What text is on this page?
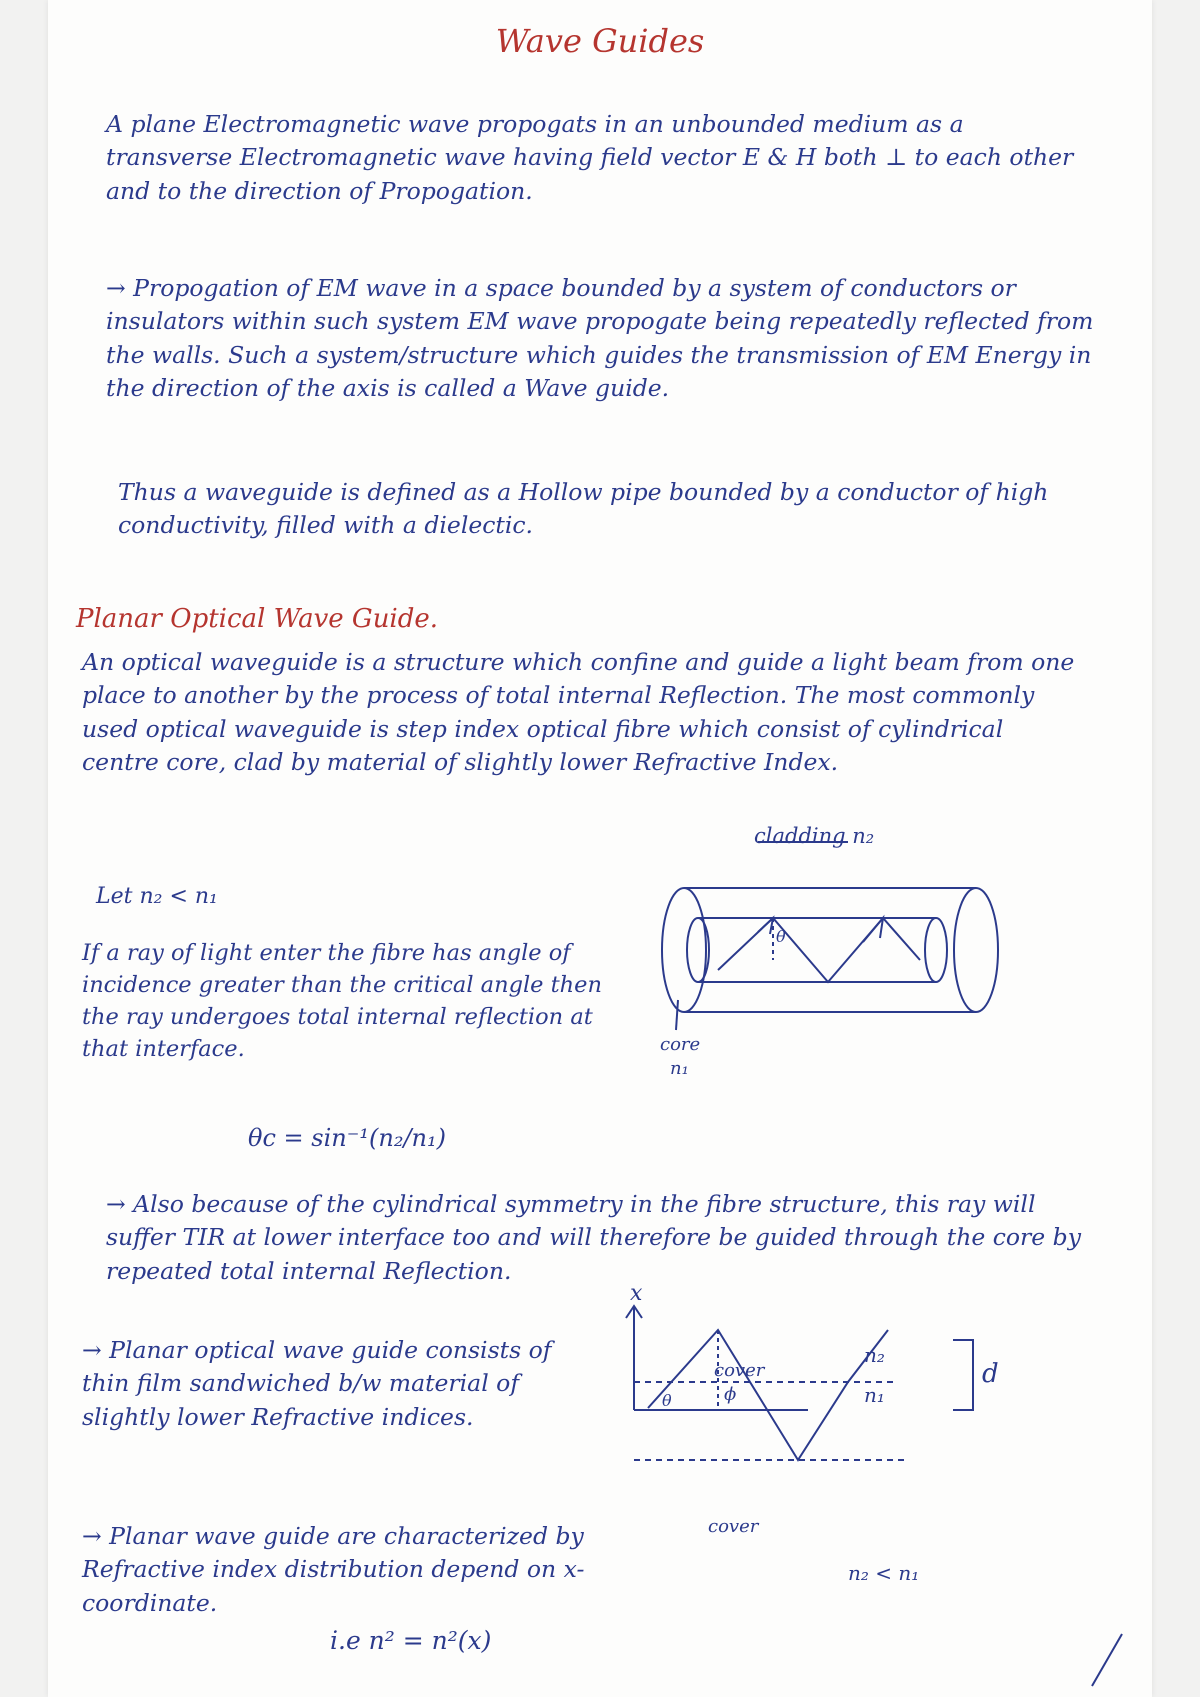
Wave Guides

A plane Electromagnetic wave propogats in an unbounded medium as a transverse Electromagnetic wave having field vector E & H both ⊥ to each other and to the direction of Propogation.

→ Propogation of EM wave in a space bounded by a system of conductors or insulators within such system EM wave propogate being repeatedly reflected from the walls. Such a system/structure which guides the transmission of EM Energy in the direction of the axis is called a Wave guide.

Thus a waveguide is defined as a Hollow pipe bounded by a conductor of high conductivity, filled with a dielectic.

Planar Optical Wave Guide.

An optical waveguide is a structure which confine and guide a light beam from one place to another by the process of total internal Reflection. The most commonly used optical waveguide is step index optical fibre which consist of cylindrical centre core, clad by material of slightly lower Refractive Index.

Let n₂ < n₁

If a ray of light enter the fibre has angle of incidence greater than the critical angle then the ray undergoes total internal reflection at that interface.

θc = sin⁻¹(n₂/n₁)

→ Also because of the cylindrical symmetry in the fibre structure, this ray will suffer TIR at lower interface too and will therefore be guided through the core by repeated total internal Reflection.

→ Planar optical wave guide consists of thin film sandwiched b/w material of slightly lower Refractive indices.

→ Planar wave guide are characterized by Refractive index distribution depend on x- coordinate.

i.e n² = n²(x)
θ
cladding n₂
core
n₁
x
cover
n₂
n₁
θ	ϕ
d
cover
n₂ < n₁
